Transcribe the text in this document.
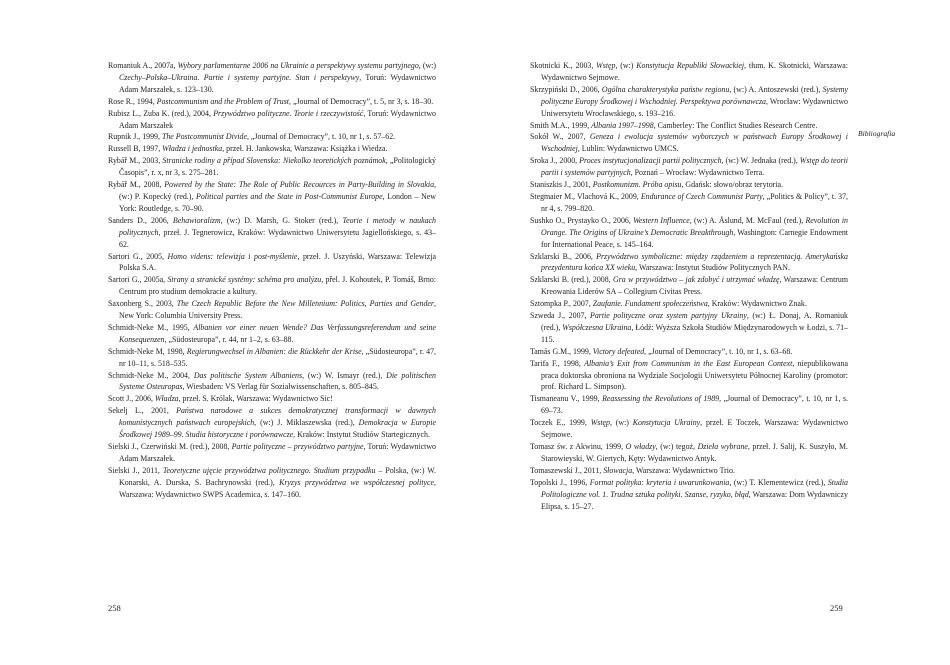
Romaniuk A., 2007a, Wybory parlamentarne 2006 na Ukrainie a perspektywy systemu partyjnego, (w:) Czechy–Polska–Ukraina. Partie i systemy partyjne. Stan i perspektywy, Toruń: Wydawnictwo Adam Marszałek, s. 123–130.

Rose R., 1994, Postcommunism and the Problem of Trust, „Journal of Democracy”, t. 5, nr 3, s. 18–30.

Rubisz L., Zuba K. (red.), 2004, Przywództwo polityczne. Teorie i rzeczywistość, Toruń: Wydawnictwo Adam Marszałek

Rupnik J., 1999, The Postcommunist Divide, „Journal of Democracy”, t. 10, nr 1, s. 57–62.

Russell B, 1997, Władza i jednostka, przeł. H. Jankowska, Warszawa: Książka i Wiedza.

Rybář M., 2003, Stranicke rodiny a případ Slovenska: Niekolko teoretických poznámok, „Politologický Časopis”, r. x, nr 3, s. 275–281.

Rybář M., 2008, Powered by the State: The Role of Public Recources in Party-Building in Slovakia, (w:) P. Kopecký (red.), Political parties and the State in Post-Communist Europe, London – New York: Routledge, s. 70–90.

Sanders D., 2006, Behawioralizm, (w:) D. Marsh, G. Stoker (red.), Teorie i metody w naukach politycznych, przeł. J. Tegnerowicz, Kraków: Wydawnictwo Uniwersytetu Jagiellońskiego, s. 43–62.

Sartori G., 2005, Homo videns: telewizja i post-myślenie, przeł. J. Uszyński, Warszawa: Telewizja Polska S.A.

Sartori G., 2005a, Strany a stranické systémy: schéma pro analýzu, přel. J. Kohoutek, P. Tomáš, Brno: Centrum pro studium demokracie a kultury.

Saxonberg S., 2003, The Czech Republic Before the New Millennium: Politics, Parties and Gender, New York: Columbia University Press.

Schmidt-Neke M., 1995, Albanien vor einer neuen Wende? Das Verfassungsreferendum und seine Konsequenzen, „Südosteuropa”, r. 44, nr 1–2, s. 63–88.

Schmidt-Neke M, 1998, Regierungwechsel in Albanien: die Rückkehr der Krise, „Südosteuropa”, r. 47, nr 10–11, s. 518–535.

Schmidt-Neke M., 2004, Das politische System Albaniens, (w:) W. Ismayr (red.), Die politischen Systeme Osteuropas, Wiesbaden: VS Verlag für Sozialwissenschaften, s. 805–845.

Scott J., 2006, Władza, przeł. S. Królak, Warszawa: Wydawnictwo Sic!

Sekelj L., 2001, Państwa narodowe a sukces demokratycznej transformacji w dawnych komunistycznych państwach europejskich, (w:) J. Miklaszewska (red.), Demokracja w Europie Środkowej 1989–99. Studia historyczne i porównawcze, Kraków: Instytut Studiów Startegicznych.

Sielski J., Czerwiński M. (red.), 2008, Partie polityczne – przywództwo partyjne, Toruń: Wydawnictwo Adam Marszałek.

Sielski J., 2011, Teoretyczne ujęcie przywództwa politycznego. Studium przypadku – Polska, (w:) W. Konarski, A. Durska, S. Bachrynowski (red.), Kryzys przywództwa we współczesnej polityce, Warszawa: Wydawnictwo SWPS Academica, s. 147–160.

258

Skotnicki K., 2003, Wstęp, (w:) Konstytucja Republiki Słowackiej, tłum. K. Skotnicki, Warszawa: Wydawnictwo Sejmowe.

Skrzypiński D., 2006, Ogólna charakterystyka państw regionu, (w:) A. Antoszewski (red.), Systemy polityczne Europy Środkowej i Wschodniej. Perspektywa porównawcza, Wrocław: Wydawnictwo Uniwersytetu Wrocławskiego, s. 193–216.

Smith M.A., 1999, Albania 1997–1998, Camberley: The Conflict Studies Research Centre.

Sokół W., 2007, Geneza i ewolucja systemów wyborczych w państwach Europy Środkowej i Wschodniej, Lublin: Wydawnictwo UMCS.

Sroka J., 2000, Proces instytucjonalizacji partii politycznych, (w:) W. Jednaka (red.), Wstęp do teorii partii i systemów partyjnych, Poznań – Wrocław: Wydawnictwo Terra.

Staniszkis J., 2001, Postkomunizm. Próba opisu, Gdańsk: słowo/obraz terytoria.

Stegmaier M., Vlachová K., 2009, Endurance of Czech Communist Party, „Politics & Policy”, t. 37, nr 4, s. 799–820.

Sushko O., Prystayko O., 2006, Western Influence, (w:) A. Åslund, M. McFaul (red.), Revolution in Orange. The Origins of Ukraine’s Democratic Breakthrough, Washington: Carnegie Endowment for International Peace, s. 145–164.

Szklarski B., 2006, Przywództwo symboliczne: między rządzeniem a reprezentacją. Amerykańska prezydentura końca XX wieku, Warszawa: Instytut Studiów Politycznych PAN.

Szklarski B. (red.), 2008, Gra w przywództwo – jak zdobyć i utrzymać władzę, Warszawa: Centrum Kreowania Liderów SA – Collegium Civitas Press.

Sztompka P., 2007, Zaufanie. Fundament społeczeństwa, Kraków: Wydawnictwo Znak.

Szweda J., 2007, Partie polityczne oraz system partyjny Ukrainy, (w:) Ł. Donaj, A. Romaniuk (red.), Współczesna Ukraina, Łódź: Wyższa Szkoła Studiów Międzynarodowych w Łodzi, s. 71–115.

Tamás G.M., 1999, Victory defeated, „Journal of Democracy”, t. 10, nr 1, s. 63–68.

Tarifa F., 1998, Albania’s Exit from Communism in the East European Context, niepublikowana praca doktorska obroniona na Wydziale Socjologii Uniwersytetu Północnej Karoliny (promotor: prof. Richard L. Simpson).

Tismaneanu V., 1999, Reassessing the Revolutions of 1989, „Journal of Democracy”, t. 10, nr 1, s. 69–73.

Toczek E., 1999, Wstęp, (w:) Konstytucja Ukrainy, przeł. E Toczek, Warszawa: Wydawnictwo Sejmowe.

Tomasz św. z Akwinu, 1999, O władzy, (w:) tegoż, Dzieła wybrane, przeł. J. Salij, K. Suszyło, M. Starowieyski, W. Giertych, Kęty: Wydawnictwo Antyk.

Tomaszewski J., 2011, Słowacja, Warszawa: Wydawnictwo Trio.

Topolski J., 1996, Format polityka: kryteria i uwarunkowania, (w:) T. Klementewicz (red.), Studia Politologiczne vol. 1. Trudna sztuka polityki. Szanse, ryzyko, błąd, Warszawa: Dom Wydawniczy Elipsa, s. 15–27.

Bibliografia
259
